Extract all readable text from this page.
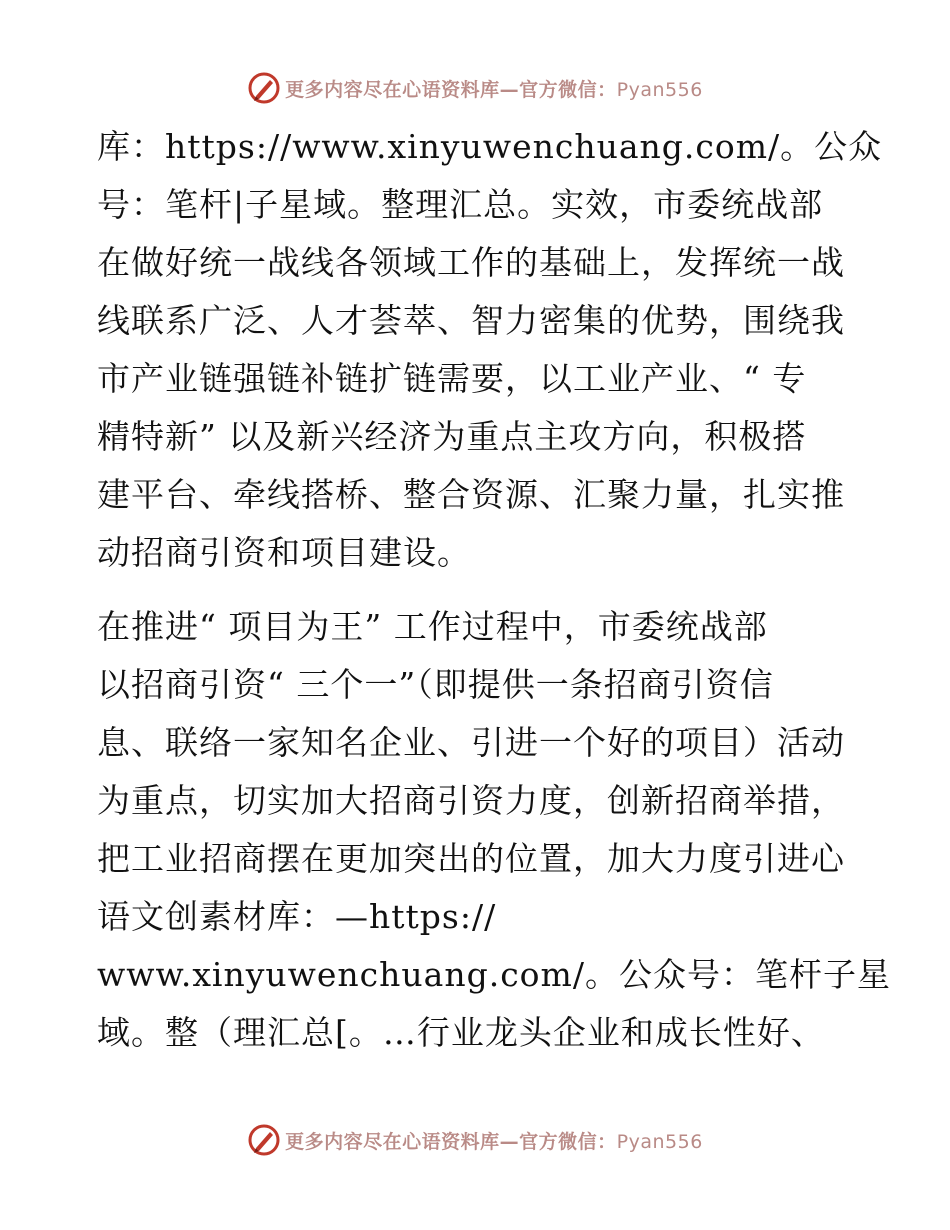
更多内容尽在心语资料库—官方微信：Pyan556
库：https://www.xinyuwenchuang.com/。公众
号：笔杆|子星域。整理汇总。实效，市委统战部
在做好统一战线各领域工作的基础上，发挥统一战
线联系广泛、人才荟萃、智力密集的优势，围绕我
市产业链强链补链扩链需要，以工业产业、“ 专
精特新” 以及新兴经济为重点主攻方向，积极搭
建平台、牵线搭桥、整合资源、汇聚力量，扎实推
动招商引资和项目建设。
在推进“ 项目为王” 工作过程中，市委统战部
以招商引资“ 三个一”（即提供一条招商引资信
息、联络一家知名企业、引进一个好的项目）活动
为重点，切实加大招商引资力度，创新招商举措，
把工业招商摆在更加突出的位置，加大力度引进心
语文创素材库：—https://
www.xinyuwenchuang.com/。公众号：笔杆子星
域。整（理汇总[。…行业龙头企业和成长性好、
更多内容尽在心语资料库—官方微信：Pyan556
